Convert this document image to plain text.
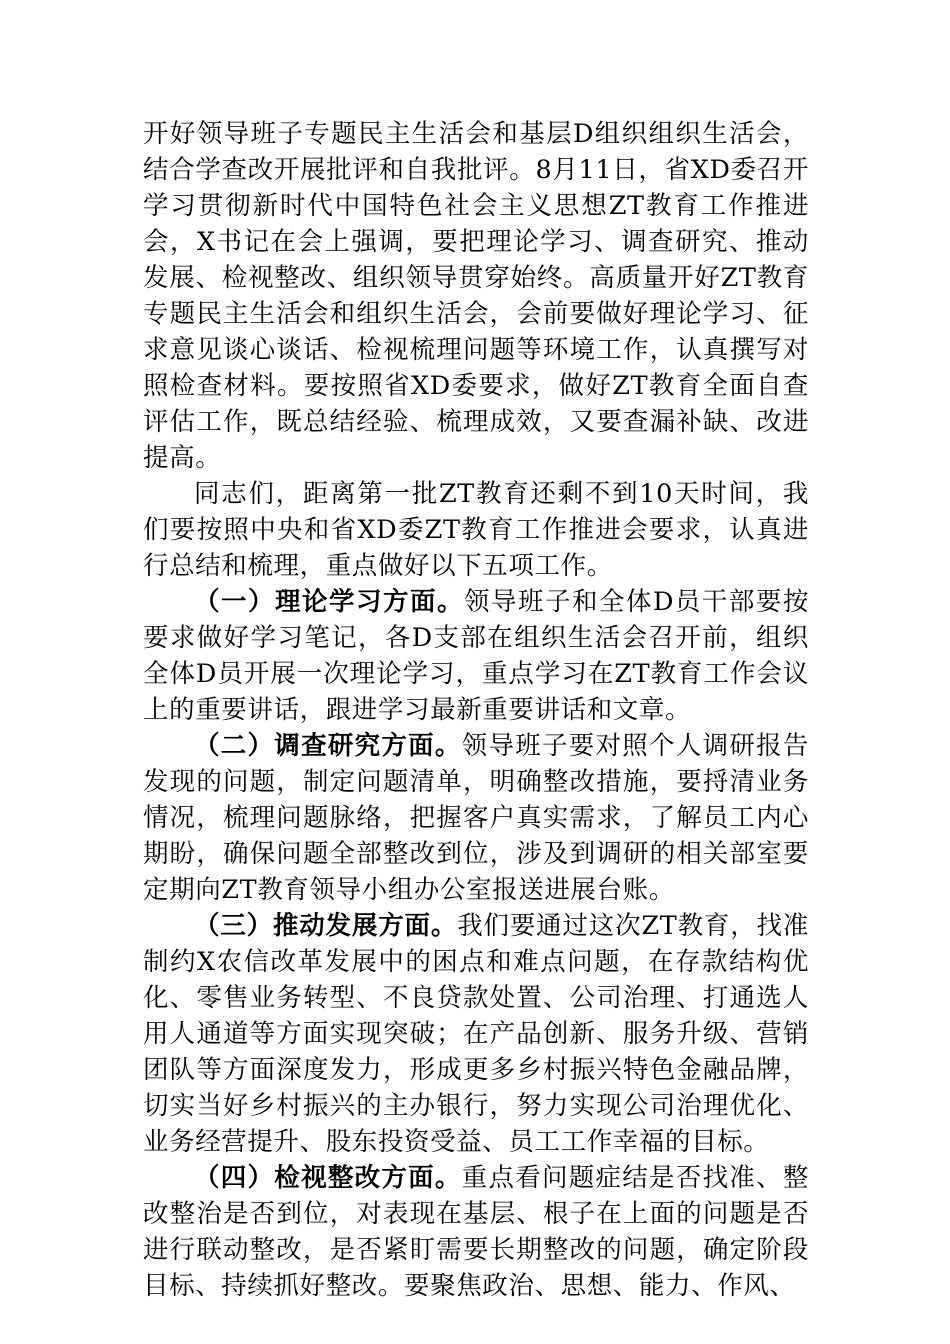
开好领导班子专题民主生活会和基层D组织组织生活会，结合学查改开展批评和自我批评。8月11日，省XD委召开学习贯彻新时代中国特色社会主义思想ZT教育工作推进会，X书记在会上强调，要把理论学习、调查研究、推动发展、检视整改、组织领导贯穿始终。高质量开好ZT教育专题民主生活会和组织生活会，会前要做好理论学习、征求意见谈心谈话、检视梳理问题等环境工作，认真撰写对照检查材料。要按照省XD委要求，做好ZT教育全面自查评估工作，既总结经验、梳理成效，又要查漏补缺、改进提高。

同志们，距离第一批ZT教育还剩不到10天时间，我们要按照中央和省XD委ZT教育工作推进会要求，认真进行总结和梳理，重点做好以下五项工作。

（一）理论学习方面。领导班子和全体D员干部要按要求做好学习笔记，各D支部在组织生活会召开前，组织全体D员开展一次理论学习，重点学习在ZT教育工作会议上的重要讲话，跟进学习最新重要讲话和文章。

（二）调查研究方面。领导班子要对照个人调研报告发现的问题，制定问题清单，明确整改措施，要捋清业务情况，梳理问题脉络，把握客户真实需求，了解员工内心期盼，确保问题全部整改到位，涉及到调研的相关部室要定期向ZT教育领导小组办公室报送进展台账。

（三）推动发展方面。我们要通过这次ZT教育，找准制约X农信改革发展中的困点和难点问题，在存款结构优化、零售业务转型、不良贷款处置、公司治理、打通选人用人通道等方面实现突破；在产品创新、服务升级、营销团队等方面深度发力，形成更多乡村振兴特色金融品牌，切实当好乡村振兴的主办银行，努力实现公司治理优化、业务经营提升、股东投资受益、员工工作幸福的目标。

（四）检视整改方面。重点看问题症结是否找准、整改整治是否到位，对表现在基层、根子在上面的问题是否进行联动整改，是否紧盯需要长期整改的问题，确定阶段目标、持续抓好整改。要聚焦政治、思想、能力、作风、
